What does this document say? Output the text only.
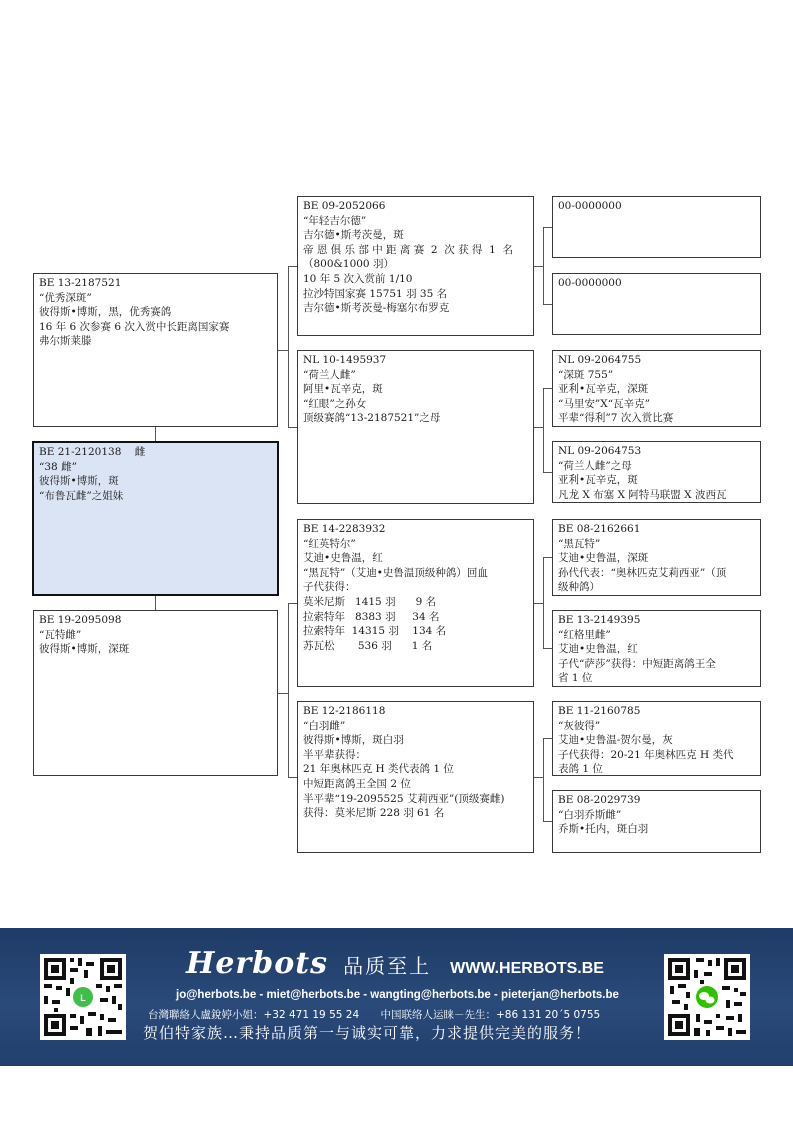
BE 13-2187521
“优秀深斑”
彼得斯•博斯，黑，优秀赛鸽
16 年 6 次参赛 6 次入赏中长距离国家赛
弗尔斯莱滕
BE 21-2120138    雌
“38 雌”
彼得斯•博斯，斑
“布鲁瓦雌”之姐妹
BE 19-2095098
“瓦特雌”
彼得斯•博斯，深斑
BE 09-2052066
“年轻吉尔德”
吉尔德•斯考茨曼，斑
帝 恩 俱 乐 部 中 距 离 赛  2  次 获 得  1  名
（800&1000 羽）
10 年 5 次入赏前 1/10
拉沙特国家赛 15751 羽 35 名
吉尔德•斯考茨曼-梅塞尔布罗克
NL 10-1495937
“荷兰人雌”
阿里•瓦辛克，斑
“红眼”之孙女
顶级赛鸽“13-2187521”之母
BE 14-2283932
“红英特尔”
艾迪•史鲁温，红
“黑瓦特”（艾迪•史鲁温顶级种鸽）回血
子代获得：
莫米尼斯   1415 羽      9 名
拉索特年   8383 羽     34 名
拉索特年  14315 羽    134 名
苏瓦松       536 羽      1 名
BE 12-2186118
“白羽雌”
彼得斯•博斯，斑白羽
半平辈获得：
21 年奥林匹克 H 类代表鸽 1 位
中短距离鸽王全国 2 位
半平辈“19-2095525 艾莉西亚”(顶级赛雌)
获得：莫米尼斯 228 羽 61 名
00-0000000
00-0000000
NL 09-2064755
“深斑 755”
亚利•瓦辛克，深斑
“马里安”X“瓦辛克”
平辈“得利”7 次入赏比赛
NL 09-2064753
“荷兰人雌”之母
亚利•瓦辛克，斑
凡龙 X 布塞 X 阿特马联盟 X 波西瓦
BE 08-2162661
“黑瓦特”
艾迪•史鲁温，深斑
孙代代表：“奥林匹克艾莉西亚”（顶
级种鸽）
BE 13-2149395
“红格里雌”
艾迪•史鲁温，红
子代“萨莎”获得：中短距离鸽王全
省 1 位
BE 11-2160785
“灰彼得”
艾迪•史鲁温-贺尔曼，灰
子代获得：20-21 年奥林匹克 H 类代
表鸽 1 位
BE 08-2029739
“白羽乔斯雌”
乔斯•托内，斑白羽
L
Herbots 品质至上 WWW.HERBOTS.BE
jo@herbots.be - miet@herbots.be - wangting@herbots.be - pieterjan@herbots.be
台灣聯絡人盧銳婷小姐：+32 471 19 55 24 中国联络人运睐－先生：+86 131 20´5 0755
贺伯特家族…秉持品质第一与诚实可靠，力求提供完美的服务！
